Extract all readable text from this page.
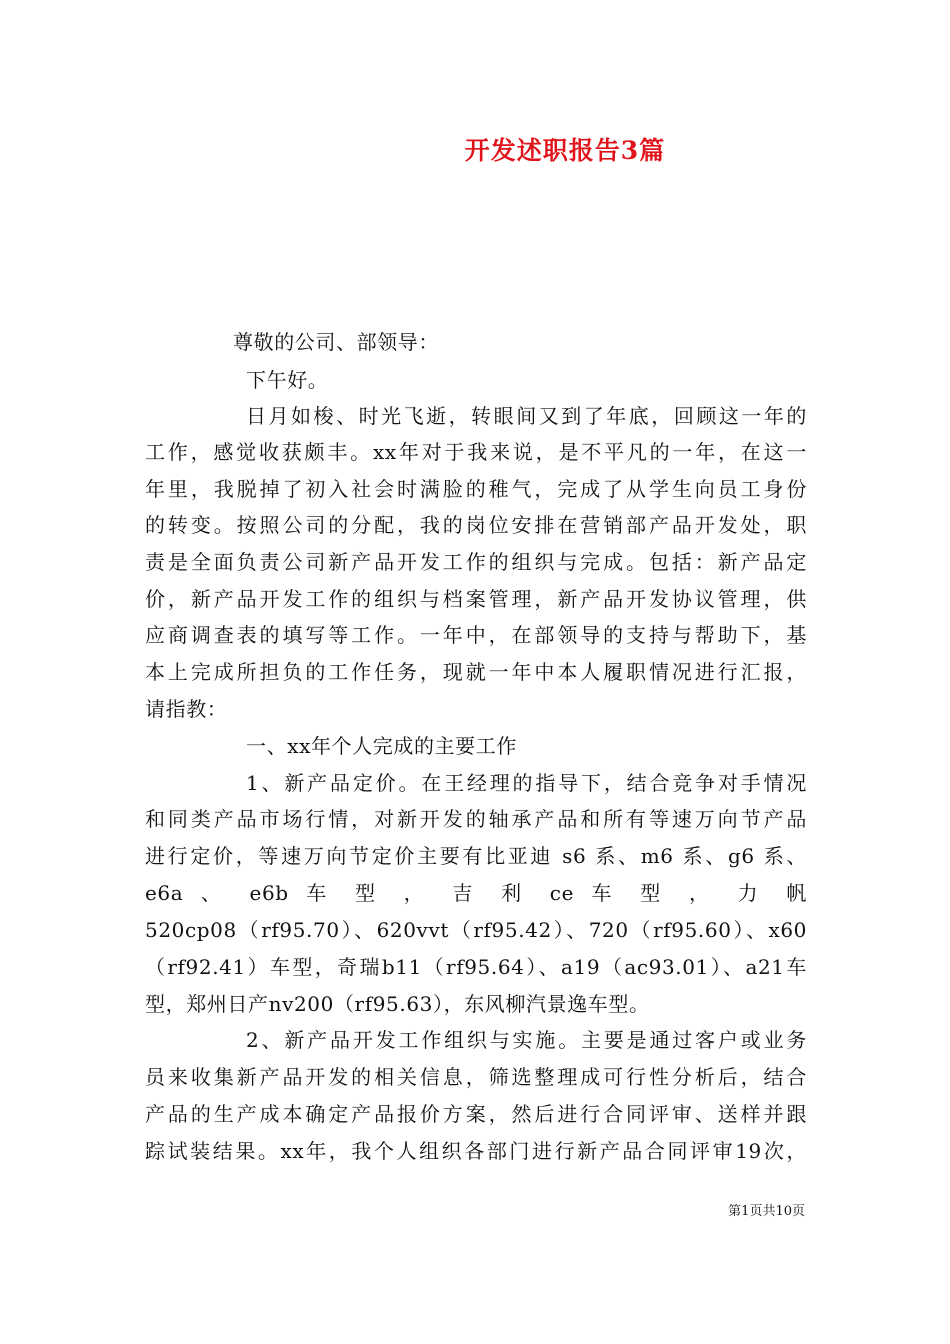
开发述职报告3篇
尊敬的公司、部领导：
下午好。
日月如梭、时光飞逝，转眼间又到了年底，回顾这一年的
工作，感觉收获颇丰。xx年对于我来说，是不平凡的一年，在这一
年里，我脱掉了初入社会时满脸的稚气，完成了从学生向员工身份
的转变。按照公司的分配，我的岗位安排在营销部产品开发处，职
责是全面负责公司新产品开发工作的组织与完成。包括：新产品定
价，新产品开发工作的组织与档案管理，新产品开发协议管理，供
应商调查表的填写等工作。一年中，在部领导的支持与帮助下，基
本上完成所担负的工作任务，现就一年中本人履职情况进行汇报，
请指教：
一、xx年个人完成的主要工作
1、新产品定价。在王经理的指导下，结合竞争对手情况
和同类产品市场行情，对新开发的轴承产品和所有等速万向节产品
进行定价，等速万向节定价主要有比亚迪 s6 系、m6 系、g6 系、
e6a 、 e6b 车 型 ， 吉 利 ce 车 型 ， 力 帆
520cp08（rf95.70）、620vvt（rf95.42）、720（rf95.60）、x60
（rf92.41）车型，奇瑞b11（rf95.64）、a19（ac93.01）、a21车
型，郑州日产nv200（rf95.63），东风柳汽景逸车型。
2、新产品开发工作组织与实施。主要是通过客户或业务
员来收集新产品开发的相关信息，筛选整理成可行性分析后，结合
产品的生产成本确定产品报价方案，然后进行合同评审、送样并跟
踪试装结果。xx年，我个人组织各部门进行新产品合同评审19次，
第1页共10页
